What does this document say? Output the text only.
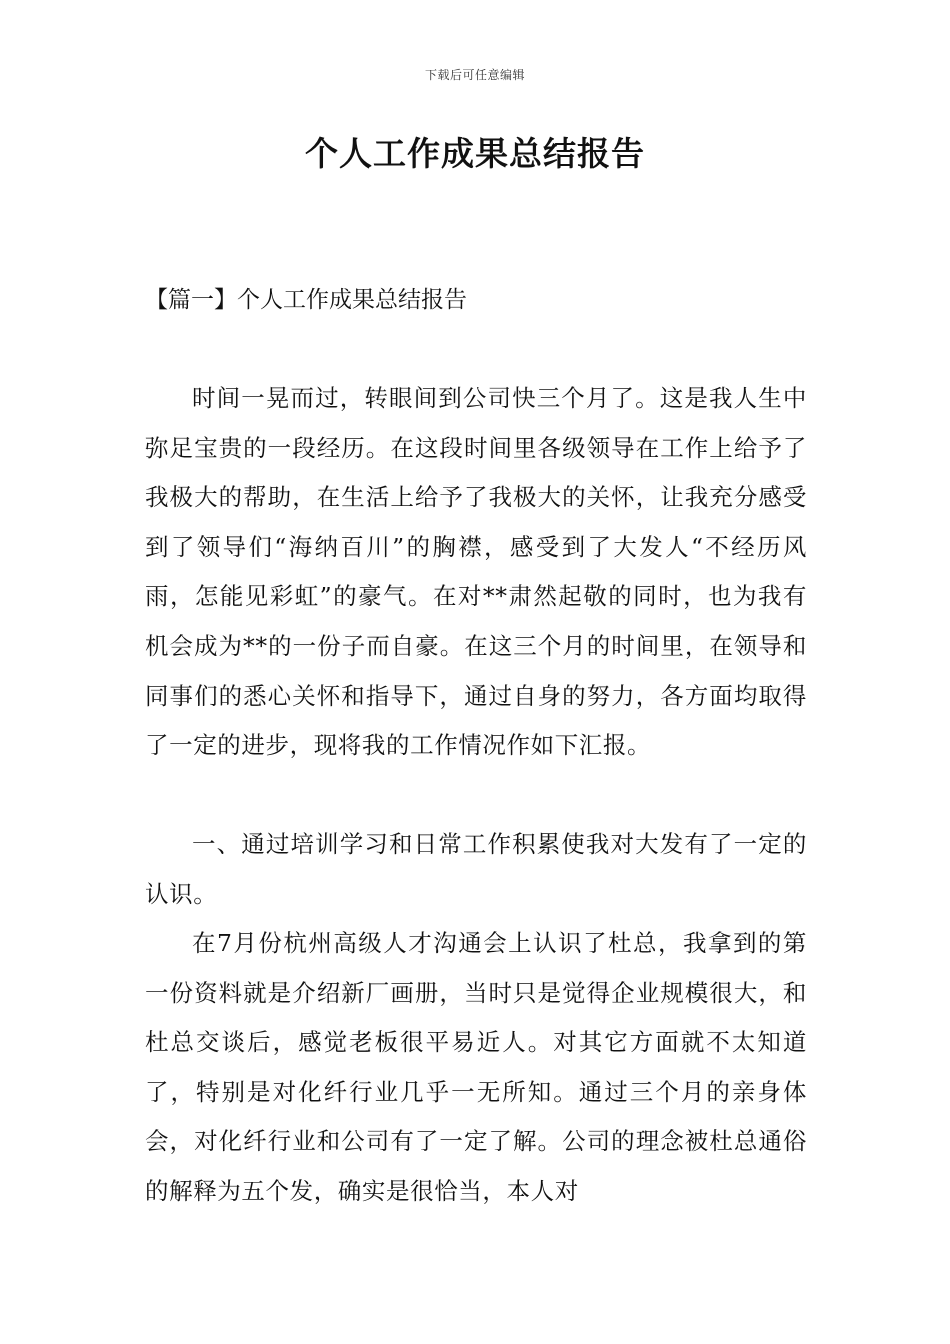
下载后可任意编辑
个人工作成果总结报告
【篇一】个人工作成果总结报告

时间一晃而过，转眼间到公司快三个月了。这是我人生中弥足宝贵的一段经历。在这段时间里各级领导在工作上给予了我极大的帮助，在生活上给予了我极大的关怀，让我充分感受到了领导们“海纳百川”的胸襟，感受到了大发人“不经历风雨，怎能见彩虹”的豪气。在对**肃然起敬的同时，也为我有机会成为**的一份子而自豪。在这三个月的时间里，在领导和同事们的悉心关怀和指导下，通过自身的努力，各方面均取得了一定的进步，现将我的工作情况作如下汇报。

一、通过培训学习和日常工作积累使我对大发有了一定的认识。

在7月份杭州高级人才沟通会上认识了杜总，我拿到的第一份资料就是介绍新厂画册，当时只是觉得企业规模很大，和杜总交谈后，感觉老板很平易近人。对其它方面就不太知道了，特别是对化纤行业几乎一无所知。通过三个月的亲身体会，对化纤行业和公司有了一定了解。公司的理念被杜总通俗的解释为五个发，确实是很恰当，本人对
